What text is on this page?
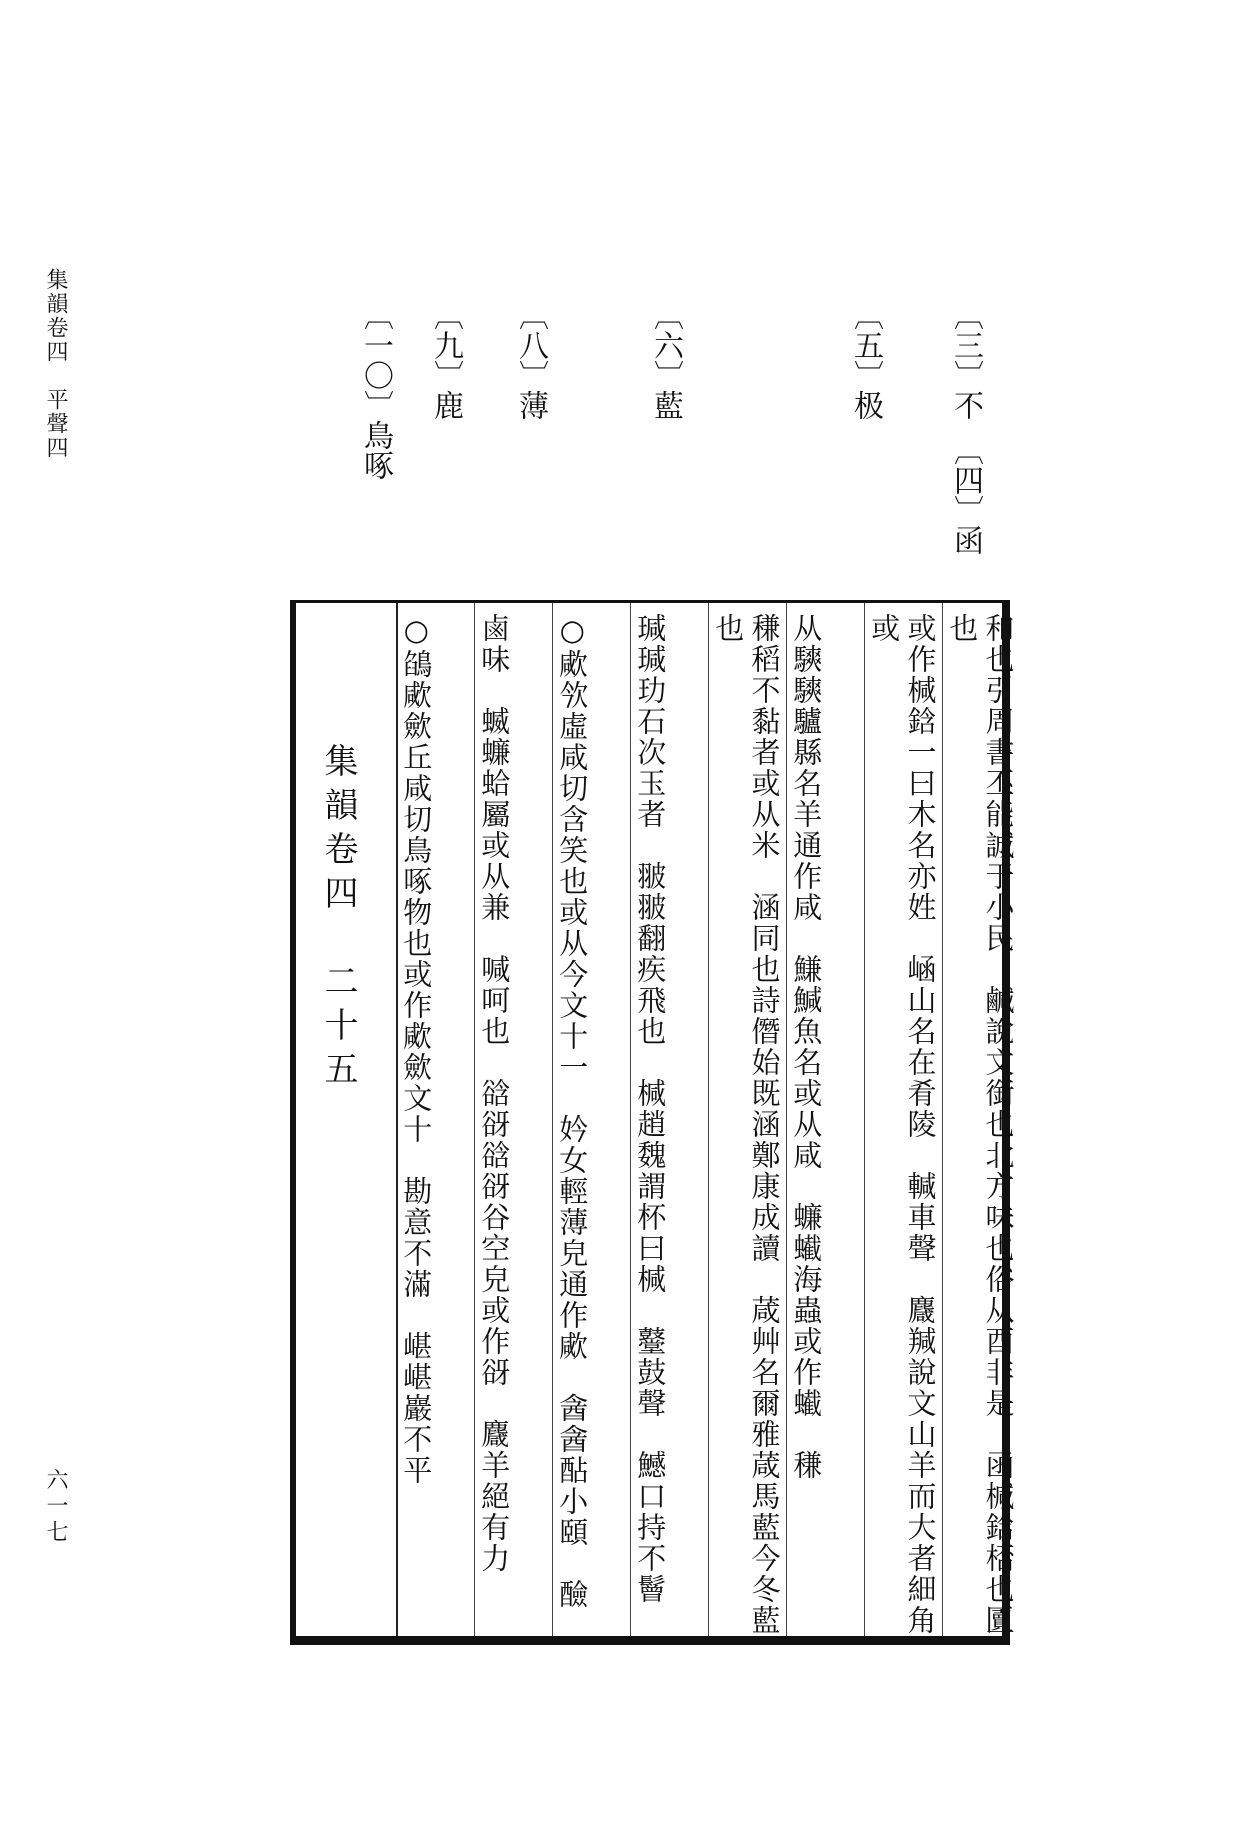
集韻卷四　平聲四
六一七
〔三〕不　〔四〕函
〔五〕极
〔六〕藍
〔八〕薄
〔九〕鹿
〔一〇〕鳥啄
集韻卷四　二十五	和也引周書丕能誠于小民　鹹說文銜也北方味也俗从酉非是　函椷鋡桮也匵也
或作椷鋡一曰木名亦姓　崡山名在肴陵　輱車聲　麙羬說文山羊而大者細角或
从騻騻驢縣名羊通作咸　鰜鰔魚名或从咸　蠊蠘海蟲或作蠘　稴
稴稻不黏者或从米　涵同也詩僭始既涵鄭康成讀　葴艸名爾雅葴馬藍今冬藍也
瑊瑊玏石次玉者　翍翍翻疾飛也　椷趙魏謂杯曰椷　鼞鼓聲　鱤口持不鬙
○㰹欦虛咸切含笑也或从今文十一　妗女輕薄皃通作㰹　酓酓酟小頤　醶
鹵味　蝛蠊蛤屬或从兼　喊呵也　谽谺谽谺谷空皃或作谺　麙羊絕有力
○鵮㰹歛丘咸切鳥啄物也或作㰹歛文十　勘意不滿　嵁嵁巖不平
